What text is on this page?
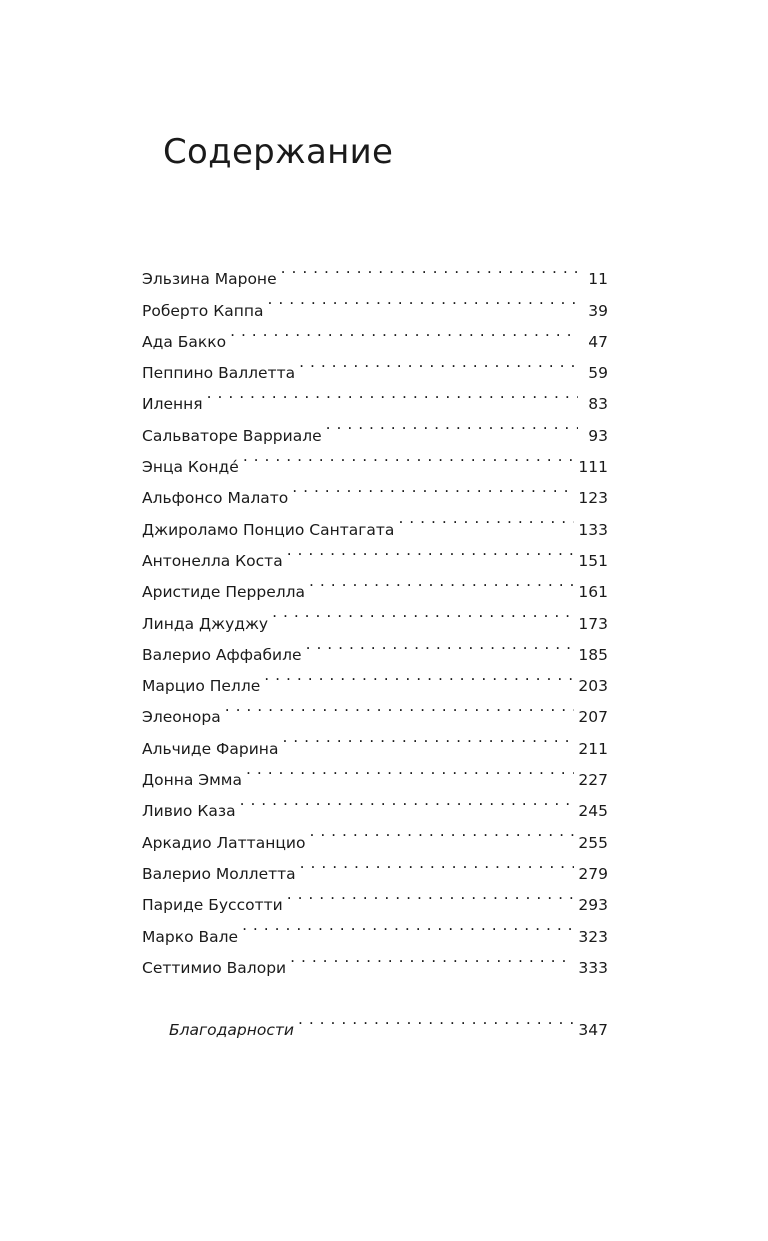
Содержание
Эльзина Мароне . . .	11
Роберто Каппа . . .	39
Ада Бакко . . .	47
Пеппино Валлетта . . .	59
Илення . . .	83
Сальваторе Варриале . . .	93
Энца Конде́ . . .	111
Альфонсо Малато . . .	123
Джироламо Понцио Сантагата . . .	133
Антонелла Коста . . .	151
Аристиде Перрелла . . .	161
Линда Джуджу . . .	173
Валерио Аффабиле . . .	185
Марцио Пелле . . .	203
Элеонора . . .	207
Альчиде Фарина . . .	211
Донна Эмма . . .	227
Ливио Каза . . .	245
Аркадио Латтанцио . . .	255
Валерио Моллетта . . .	279
Париде Буссотти . . .	293
Марко Вале . . .	323
Сеттимио Валори . . .	333
Благодарности . . .	347
